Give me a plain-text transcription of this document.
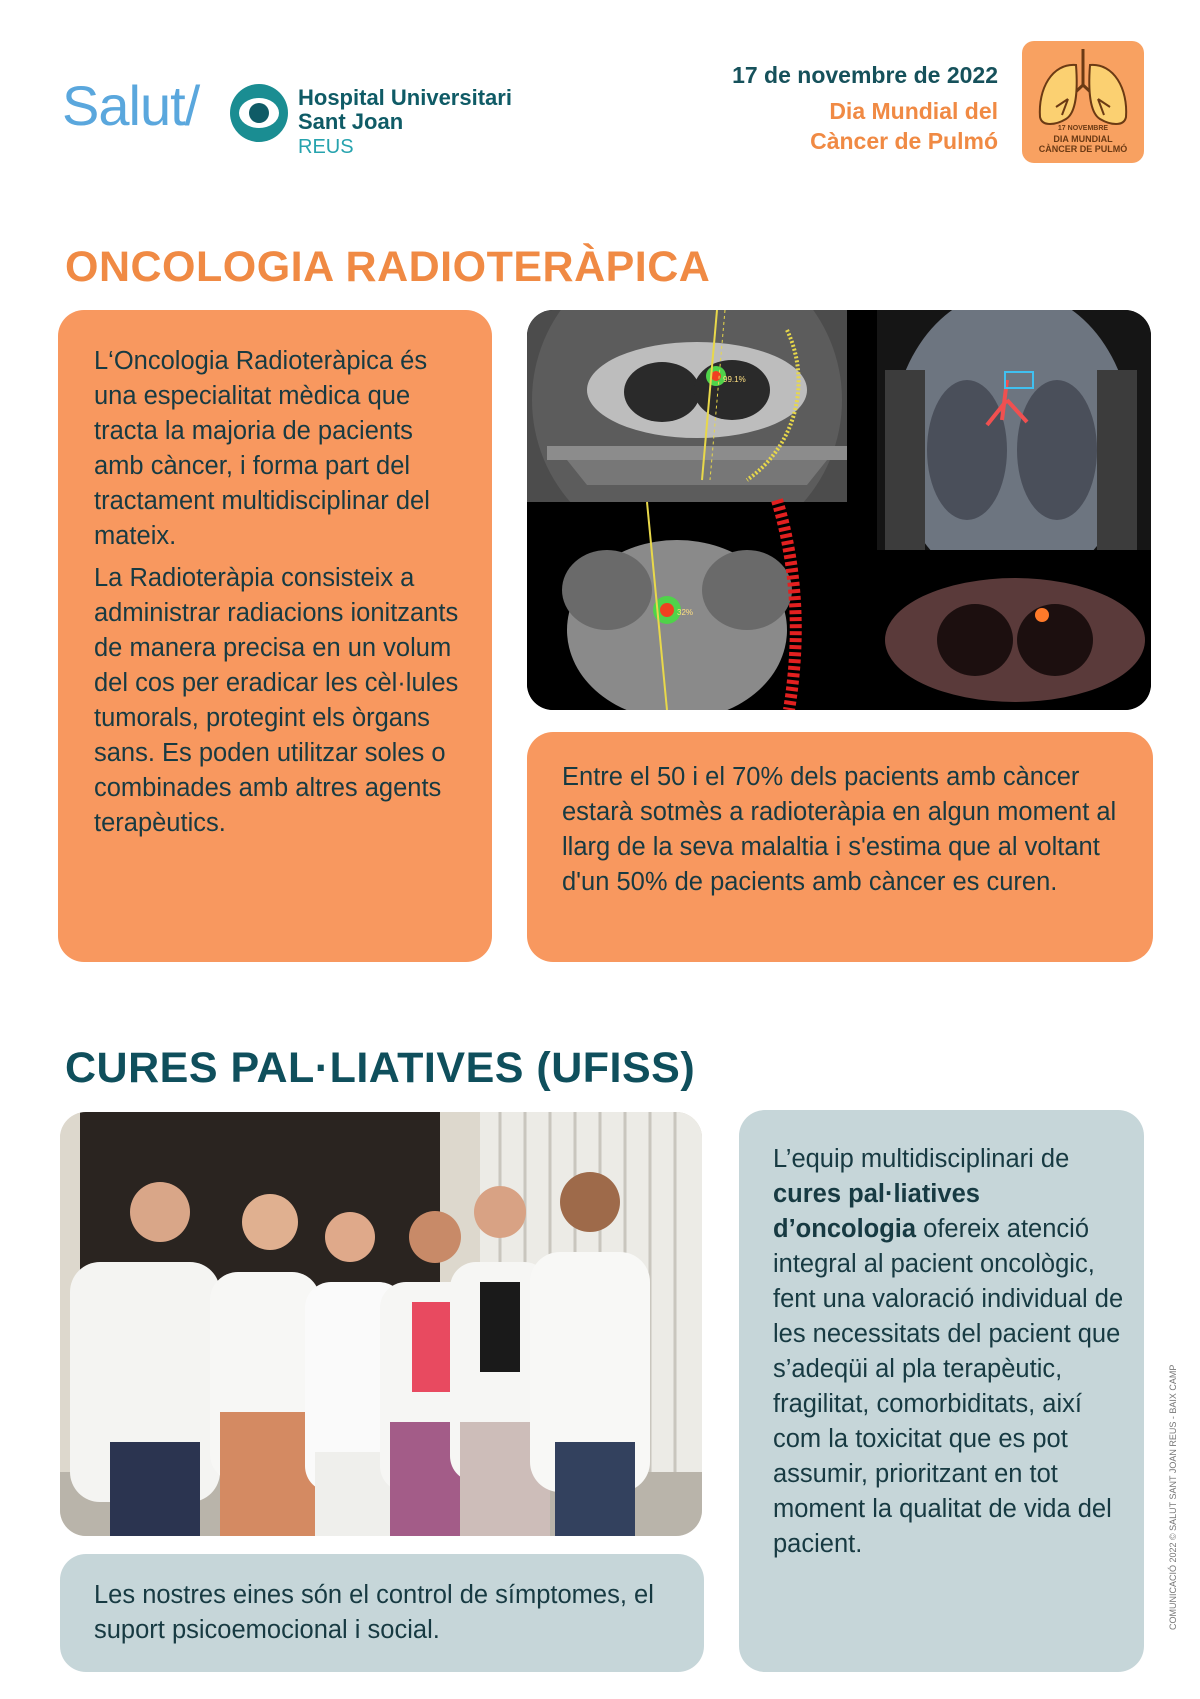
Salut/	Hospital Universitari
Sant Joan
REUS
17 de novembre de 2022
Dia Mundial del
Càncer de Pulmó	17 NOVEMBRE
DIA MUNDIAL
CÀNCER DE PULMÓ
ONCOLOGIA RADIOTERÀPICA

L‘Oncologia Radioteràpica és una especialitat mèdica que tracta la majoria de pacients amb càncer, i forma part del tractament multidisciplinar del mateix.

La Radioteràpia consisteix a administrar radiacions ionitzants de manera precisa en un volum del cos per eradicar les cèl·lules tumorals, protegint els òrgans sans. Es poden utilitzar soles o combinades amb altres agents terapèutics.

99.1%
32%

Entre el 50 i el 70% dels pacients amb càncer estarà sotmès a radioteràpia en algun moment al llarg de la seva malaltia i s'estima que al voltant d'un 50% de pacients amb càncer es curen.

CURES PAL·LIATIVES (UFISS)

Les nostres eines són el control de símptomes, el suport psicoemocional i social.

L’equip multidisciplinari de cures pal·liatives d’oncologia ofereix atenció integral al pacient oncològic, fent una valoració individual de les necessitats del pacient que s’adeqüi al pla terapèutic, fragilitat, comorbiditats, així com la toxicitat que es pot assumir, prioritzant en tot moment la qualitat de vida del pacient.	COMUNICACIÓ 2022 © SALUT SANT JOAN REUS - BAIX CAMP
